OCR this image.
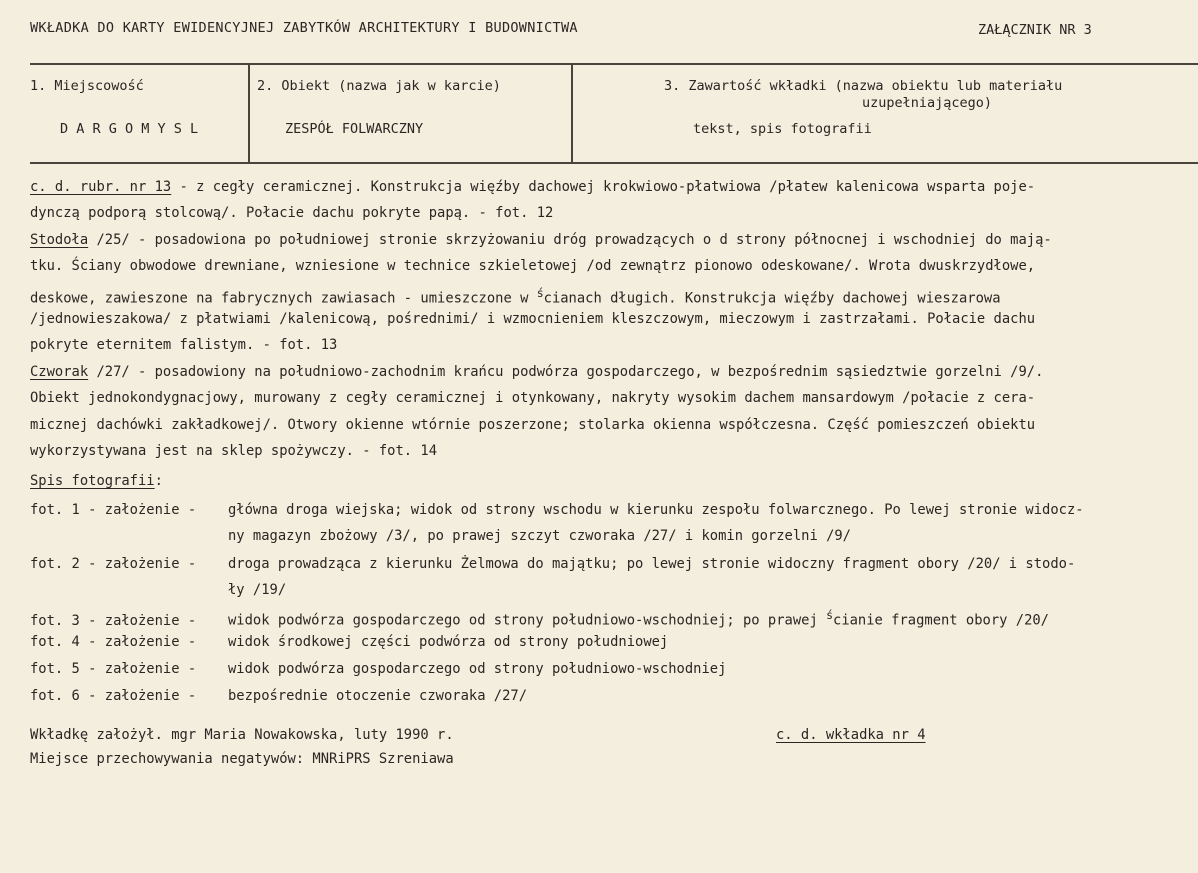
WKŁADKA DO KARTY EWIDENCYJNEJ ZABYTKÓW ARCHITEKTURY I BUDOWNICTWA	ZAŁĄCZNIK NR 3
1. Miejscowość
D A R G O M Y S L
2. Obiekt (nazwa jak w karcie)
ZESPÓŁ FOLWARCZNY
3. Zawartość wkładki (nazwa obiektu lub materiału
uzupełniającego)
tekst, spis fotografii
c. d. rubr. nr 13 - z cegły ceramicznej. Konstrukcja więźby dachowej krokwiowo-płatwiowa /płatew kalenicowa wsparta poje-
dynczą podporą stolcową/. Połacie dachu pokryte papą. - fot. 12
Stodoła /25/ - posadowiona po południowej stronie skrzyżowaniu dróg prowadzących o d strony północnej i wschodniej do mają-
tku. Ściany obwodowe drewniane, wzniesione w technice szkieletowej /od zewnątrz pionowo odeskowane/. Wrota dwuskrzydłowe,
deskowe, zawieszone na fabrycznych zawiasach - umieszczone w $^ś$cianach długich. Konstrukcja więźby dachowej wieszarowa
/jednowieszakowa/ z płatwiami /kalenicową, pośrednimi/ i wzmocnieniem kleszczowym, mieczowym i zastrzałami. Połacie dachu
pokryte eternitem falistym. - fot. 13
Czworak /27/ - posadowiony na południowo-zachodnim krańcu podwórza gospodarczego, w bezpośrednim sąsiedztwie gorzelni /9/.
Obiekt jednokondygnacjowy, murowany z cegły ceramicznej i otynkowany, nakryty wysokim dachem mansardowym /połacie z cera-
micznej dachówki zakładkowej/. Otwory okienne wtórnie poszerzone; stolarka okienna współczesna. Część pomieszczeń obiektu
wykorzystywana jest na sklep spożywczy. - fot. 14
Spis fotografii:
fot. 1 - założenie -główna droga wiejska; widok od strony wschodu w kierunku zespołu folwarcznego. Po lewej stronie widocz-
ny magazyn zbożowy /3/, po prawej szczyt czworaka /27/ i komin gorzelni /9/
fot. 2 - założenie -droga prowadząca z kierunku Żelmowa do majątku; po lewej stronie widoczny fragment obory /20/ i stodo-
ły /19/
fot. 3 - założenie -widok podwórza gospodarczego od strony południowo-wschodniej; po prawej $^ś$cianie fragment obory /20/
fot. 4 - założenie -widok środkowej części podwórza od strony południowej
fot. 5 - założenie -widok podwórza gospodarczego od strony południowo-wschodniej
fot. 6 - założenie -bezpośrednie otoczenie czworaka /27/
Wkładkę założył. mgr Maria Nowakowska, luty 1990 r.	c. d. wkładka nr 4
Miejsce przechowywania negatywów: MNRiPRS Szreniawa
